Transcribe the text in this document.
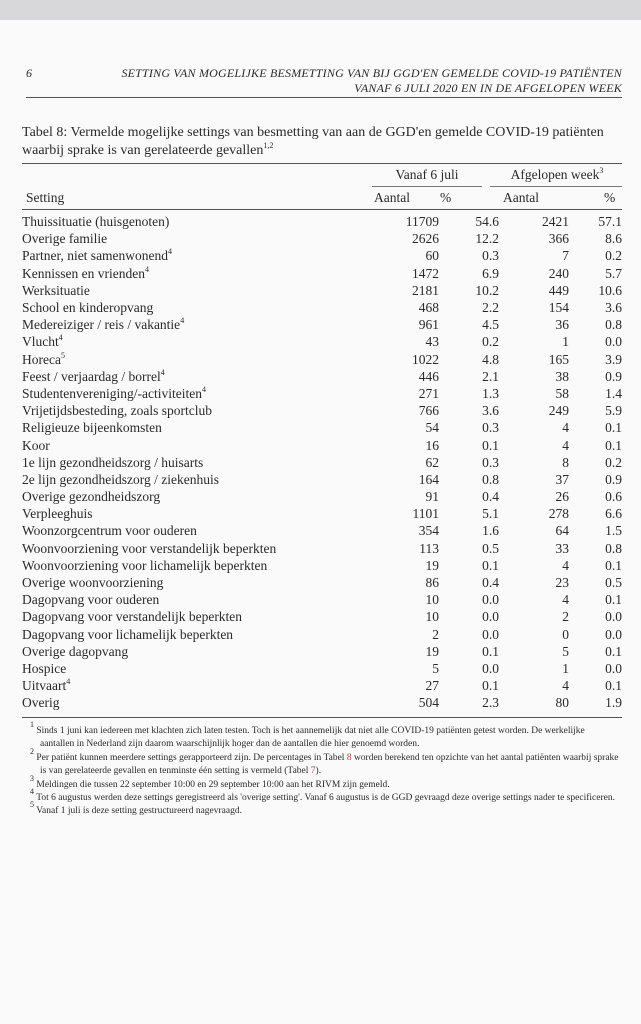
6	SETTING VAN MOGELIJKE BESMETTING VAN BIJ GGD'EN GEMELDE COVID-19 PATIËNTEN
VANAF 6 JULI 2020 EN IN DE AFGELOPEN WEEK
Tabel 8: Vermelde mogelijke settings van besmetting van aan de GGD'en gemelde COVID-19 patiënten waarbij sprake is van gerelateerde gevallen$^{1,2}$
Vanaf 6 juli	Afgelopen week$^3$
Setting	Aantal %	Aantal	%
Thuissituatie (huisgenoten)	11709	54.6	2421	57.1
Overige familie	2626	12.2	366	8.6
Partner, niet samenwonend$^4$	60	0.3	7	0.2
Kennissen en vrienden$^4$	1472	6.9	240	5.7
Werksituatie	2181	10.2	449	10.6
School en kinderopvang	468	2.2	154	3.6
Medereiziger / reis / vakantie$^4$	961	4.5	36	0.8
Vlucht$^4$	43	0.2	1	0.0
Horeca$^5$	1022	4.8	165	3.9
Feest / verjaardag / borrel$^4$	446	2.1	38	0.9
Studentenvereniging/-activiteiten$^4$	271	1.3	58	1.4
Vrijetijdsbesteding, zoals sportclub	766	3.6	249	5.9
Religieuze bijeenkomsten	54	0.3	4	0.1
Koor	16	0.1	4	0.1
1e lijn gezondheidszorg / huisarts	62	0.3	8	0.2
2e lijn gezondheidszorg / ziekenhuis	164	0.8	37	0.9
Overige gezondheidszorg	91	0.4	26	0.6
Verpleeghuis	1101	5.1	278	6.6
Woonzorgcentrum voor ouderen	354	1.6	64	1.5
Woonvoorziening voor verstandelijk beperkten	113	0.5	33	0.8
Woonvoorziening voor lichamelijk beperkten	19	0.1	4	0.1
Overige woonvoorziening	86	0.4	23	0.5
Dagopvang voor ouderen	10	0.0	4	0.1
Dagopvang voor verstandelijk beperkten	10	0.0	2	0.0
Dagopvang voor lichamelijk beperkten	2	0.0	0	0.0
Overige dagopvang	19	0.1	5	0.1
Hospice	5	0.0	1	0.0
Uitvaart$^4$	27	0.1	4	0.1
Overig	504	2.3	80	1.9
$^1$ Sinds 1 juni kan iedereen met klachten zich laten testen. Toch is het aannemelijk dat niet alle COVID-19 patiënten getest worden. De werkelijke aantallen in Nederland zijn daarom waarschijnlijk hoger dan de aantallen die hier genoemd worden.
$^2$ Per patiënt kunnen meerdere settings gerapporteerd zijn. De percentages in Tabel 8 worden berekend ten opzichte van het aantal patiënten waarbij sprake is van gerelateerde gevallen en tenminste één setting is vermeld (Tabel 7).
$^3$ Meldingen die tussen 22 september 10:00 en 29 september 10:00 aan het RIVM zijn gemeld.
$^4$ Tot 6 augustus werden deze settings geregistreerd als 'overige setting'. Vanaf 6 augustus is de GGD gevraagd deze overige settings nader te specificeren.
$^5$ Vanaf 1 juli is deze setting gestructureerd nagevraagd.
